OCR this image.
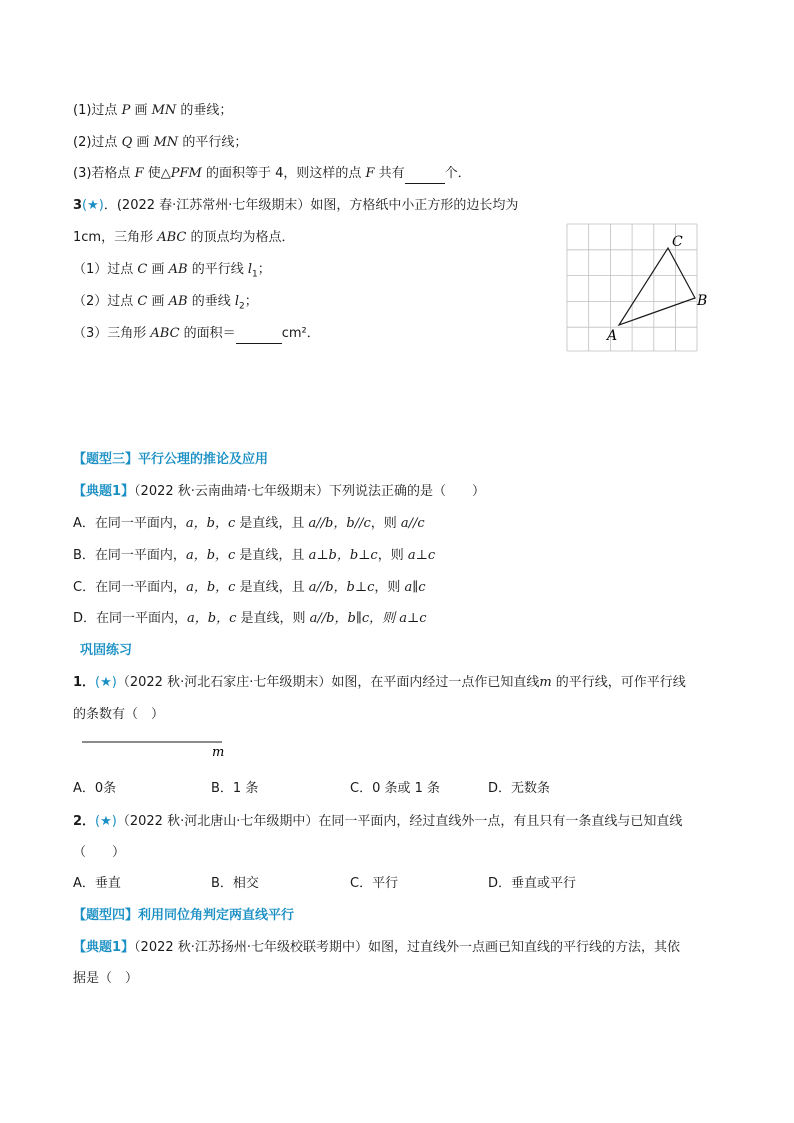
(1)过点 P 画 MN 的垂线；
(2)过点 Q 画 MN 的平行线；
(3)若格点 F 使△PFM 的面积等于 4，则这样的点 F 共有	个．
3(★)．(2022 春·江苏常州·七年级期末）如图，方格纸中小正方形的边长均为
1cm，三角形 ABC 的顶点均为格点．
（1）过点 C 画 AB 的平行线 $l_1$；
（2）过点 C 画 AB 的垂线 $l_2$；
（3）三角形 ABC 的面积＝	cm²．
C
B
A
【题型三】平行公理的推论及应用
【典题1】（2022 秋·云南曲靖·七年级期末）下列说法正确的是（　　）
A．在同一平面内，a，b，c 是直线，且 a//b，b//c，则 a//c
B．在同一平面内，a，b，c 是直线，且 a⊥b，b⊥c，则 a⊥c
C．在同一平面内，a，b，c 是直线，且 a//b，b⊥c，则 a∥c
D．在同一平面内，a，b，c 是直线，则 a//b，b∥c，则 a⊥c
巩固练习
1．(★)（2022 秋·河北石家庄·七年级期末）如图，在平面内经过一点作已知直线m 的平行线，可作平行线
的条数有（　）
m
A．0条	B．1 条	C．0 条或 1 条	D．无数条
2．(★)（2022 秋·河北唐山·七年级期中）在同一平面内，经过直线外一点，有且只有一条直线与已知直线
（　　）
A．垂直	B．相交	C．平行	D．垂直或平行
【题型四】利用同位角判定两直线平行
【典题1】（2022 秋·江苏扬州·七年级校联考期中）如图，过直线外一点画已知直线的平行线的方法，其依
据是（　）
